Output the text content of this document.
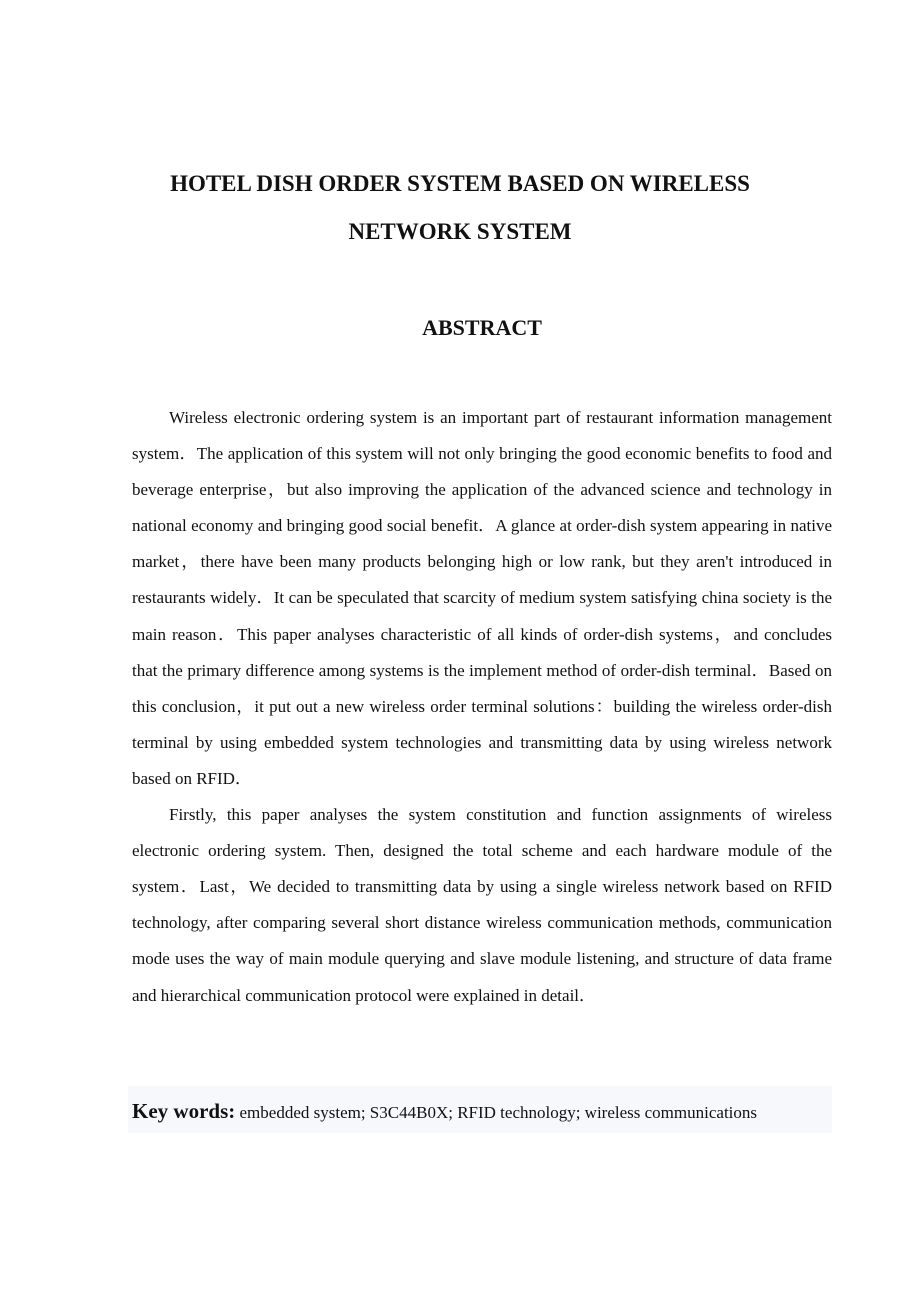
HOTEL DISH ORDER SYSTEM BASED ON WIRELESS
NETWORK SYSTEM
ABSTRACT

Wireless electronic ordering system is an important part of restaurant information management system．The application of this system will not only bringing the good economic benefits to food and beverage enterprise，but also improving the application of the advanced science and technology in national economy and bringing good social benefit．A glance at order-dish system appearing in native market，there have been many products belonging high or low rank, but they aren't introduced in restaurants widely．It can be speculated that scarcity of medium system satisfying china society is the main reason．This paper analyses characteristic of all kinds of order-dish systems，and concludes that the primary difference among systems is the implement method of order-dish terminal．Based on this conclusion，it put out a new wireless order terminal solutions：building the wireless order-dish terminal by using embedded system technologies and transmitting data by using wireless network based on RFID．

Firstly, this paper analyses the system constitution and function assignments of wireless electronic ordering system. Then, designed the total scheme and each hardware module of the system．Last，We decided to transmitting data by using a single wireless network based on RFID technology, after comparing several short distance wireless communication methods, communication mode uses the way of main module querying and slave module listening, and structure of data frame and hierarchical communication protocol were explained in detail．

Key words: embedded system; S3C44B0X; RFID technology; wireless communications
